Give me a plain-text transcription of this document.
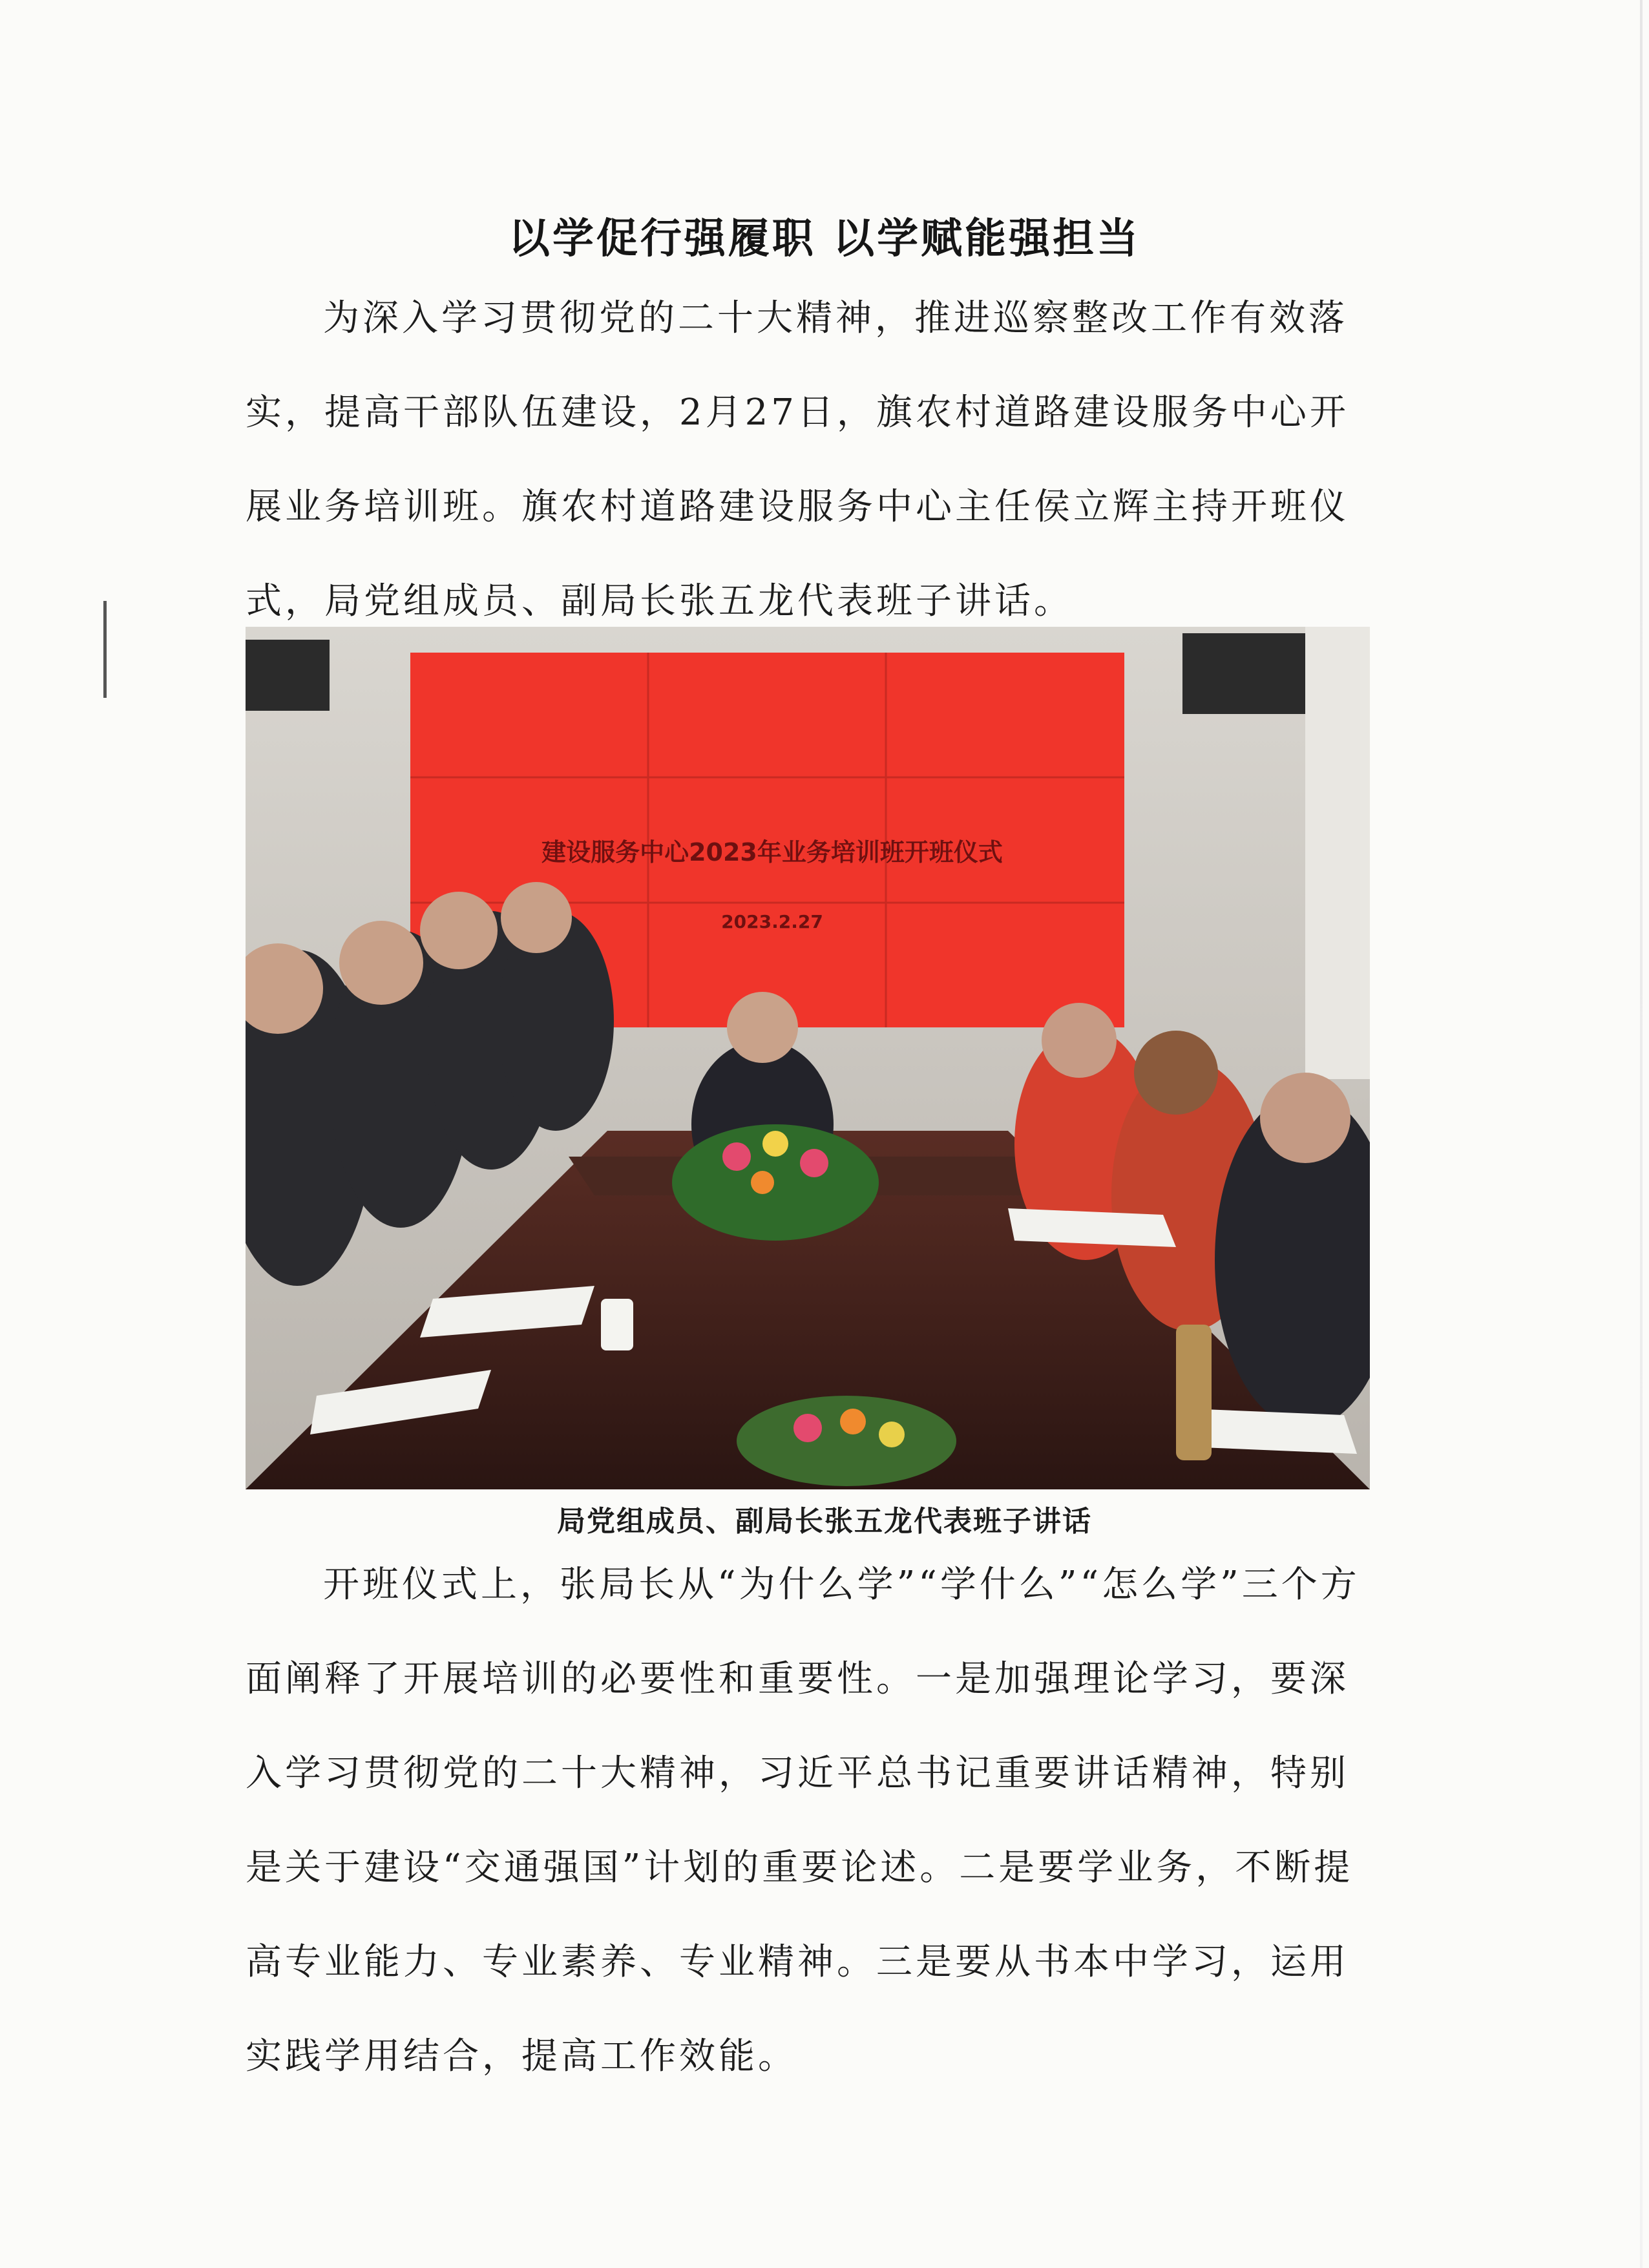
以学促行强履职 以学赋能强担当

为深入学习贯彻党的二十大精神，推进巡察整改工作有效落实，提高干部队伍建设，2月27日，旗农村道路建设服务中心开展业务培训班。旗农村道路建设服务中心主任侯立辉主持开班仪式，局党组成员、副局长张五龙代表班子讲话。

建设服务中心2023年业务培训班开班仪式
2023.2.27
局党组成员、副局长张五龙代表班子讲话

开班仪式上，张局长从“为什么学”“学什么”“怎么学”三个方面阐释了开展培训的必要性和重要性。一是加强理论学习，要深入学习贯彻党的二十大精神，习近平总书记重要讲话精神，特别是关于建设“交通强国”计划的重要论述。二是要学业务，不断提高专业能力、专业素养、专业精神。三是要从书本中学习，运用实践学用结合，提高工作效能。
